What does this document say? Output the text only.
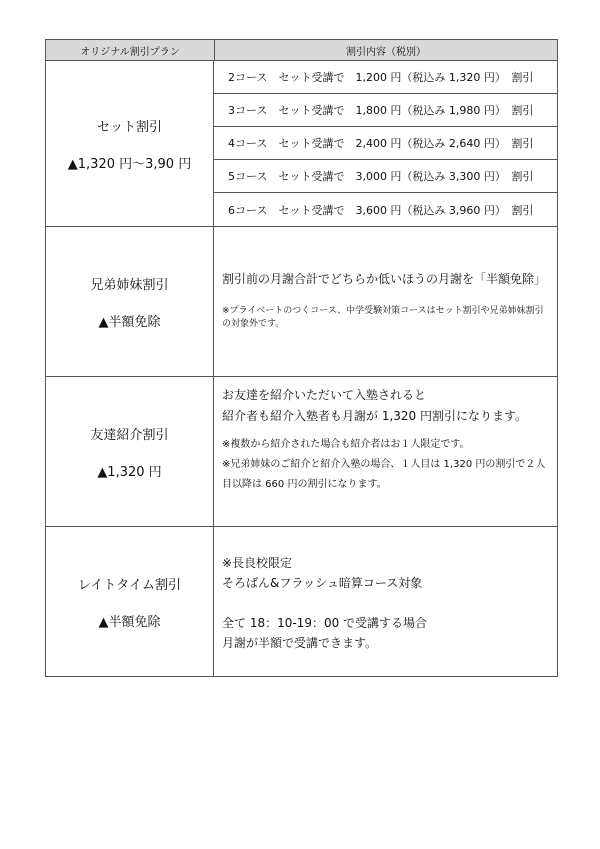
オリジナル割引プラン	割引内容（税別）
セット割引
▲1,320 円～3,90 円
2コース　セット受講で　1,200 円（税込み 1,320 円）　割引
3コース　セット受講で　1,800 円（税込み 1,980 円）　割引
4コース　セット受講で　2,400 円（税込み 2,640 円）　割引
5コース　セット受講で　3,000 円（税込み 3,300 円）　割引
6コース　セット受講で　3,600 円（税込み 3,960 円）　割引
兄弟姉妹割引
▲半額免除
割引前の月謝合計でどちらか低いほうの月謝を「半額免除」
※プライベートのつくコース、中学受験対策コースはセット割引や兄弟姉妹割引の対象外です。
友達紹介割引
▲1,320 円
お友達を紹介いただいて入塾されると
紹介者も紹介入塾者も月謝が 1,320 円割引になります。
※複数から紹介された場合も紹介者はお１人限定です。
※兄弟姉妹のご紹介と紹介入塾の場合、１人目は 1,320 円の割引で２人
目以降は 660 円の割引になります。
レイトタイム割引
▲半額免除
※長良校限定
そろばん&フラッシュ暗算コース対象
全て 18：10-19：00 で受講する場合
月謝が半額で受講できます。
